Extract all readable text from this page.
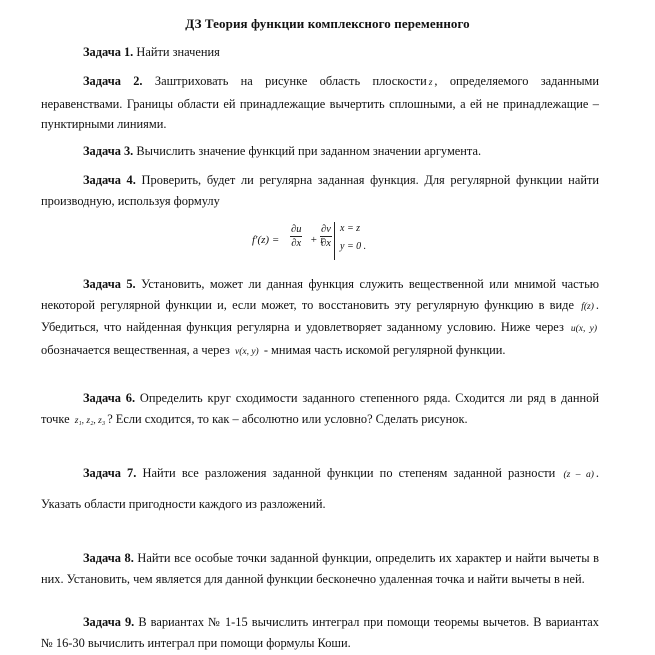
ДЗ Теория функции комплексного переменного
Задача 1. Найти значения
Задача 2. Заштриховать на рисунке область плоскости z , определяемого заданными неравенствами. Границы области ей принадлежащие вычертить сплошными, а ей не принадлежащие – пунктирными линиями.
Задача 3. Вычислить значение функций при заданном значении аргумента.
Задача 4. Проверить, будет ли регулярна заданная функция. Для регулярной функции найти производную, используя формулу
$f'(z) = \frac{\partial u}{\partial x} + i$
$\frac{\partial v}{\partial x}$ x = z
y = 0 .
Задача 5. Установить, может ли данная функция служить вещественной или мнимой частью некоторой регулярной функции и, если может, то восстановить эту регулярную функцию в виде f(z) . Убедиться, что найденная функция регулярна и удовлетворяет заданному условию. Ниже через u(x, y) обозначается вещественная, а через v(x, y) - мнимая часть искомой регулярной функции.
Задача 6. Определить круг сходимости заданного степенного ряда. Сходится ли ряд в данной точке z₁, z₂, z₃ ? Если сходится, то как – абсолютно или условно? Сделать рисунок.
Задача 7. Найти все разложения заданной функции по степеням заданной разности (z – a) . Указать области пригодности каждого из разложений.
Задача 8. Найти все особые точки заданной функции, определить их характер и найти вычеты в них. Установить, чем является для данной функции бесконечно удаленная точка и найти вычеты в ней.
Задача 9. В вариантах № 1-15 вычислить интеграл при помощи теоремы вычетов. В вариантах № 16-30 вычислить интеграл при помощи формулы Коши.
